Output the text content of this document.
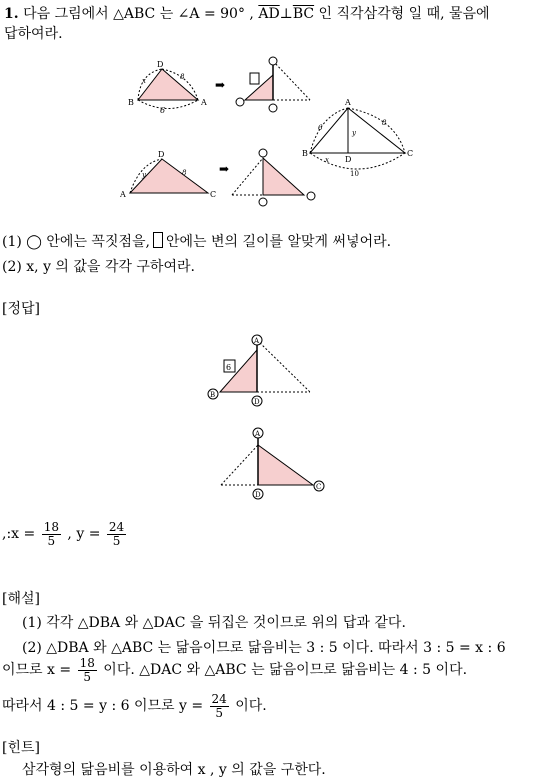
1. 다음 그림에서 △ABC 는 ∠A = 90° , $\overline{AD}\perp\overline{BC}$ 인 직각삼각형 일 때, 물음에
답하여라.
B
D
A
6
x	8
➡
A
B	C
D
6
8
y
x
10
A
D
C
y	8	➡
(1) ◯ 안에는 꼭짓점을, 안에는 변의 길이를 알맞게 써넣어라.
(2) x, y 의 값을 각각 구하여라.
[정답]
6
A
B
D
A
D
C
,:x = $\frac{18}{5}$ , $y = \frac{24}{5}$
[해설]
(1) 각각 △DBA 와 △DAC 을 뒤집은 것이므로 위의 답과 같다.
(2) △DBA 와 △ABC 는 닮음이므로 닮음비는 3 : 5 이다. 따라서 3 : 5 = x : 6
이므로 $x = \frac{18}{5}$ 이다. △DAC 와 △ABC 는 닮음이므로 닮음비는 4 : 5 이다.
따라서 4 : 5 = y : 6 이므로 $y = \frac{24}{5}$ 이다.
[힌트]
삼각형의 닮음비를 이용하여 x , y 의 값을 구한다.
